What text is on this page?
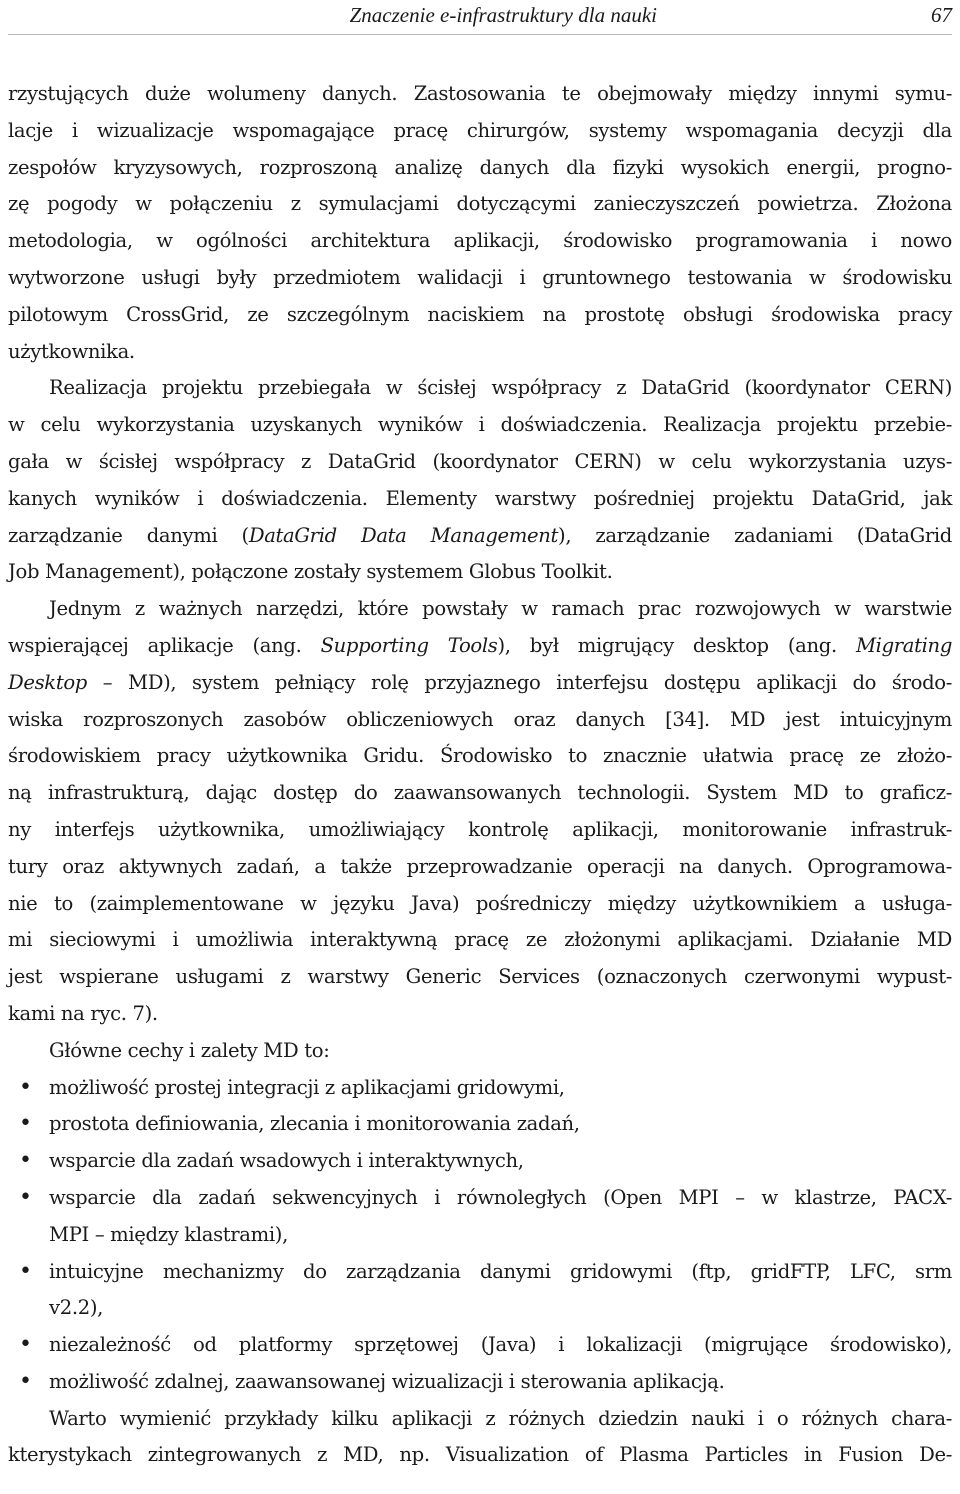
Znaczenie e-infrastruktury dla nauki	67
rzystujących duże wolumeny danych. Zastosowania te obejmowały między innymi symu-
lacje i wizualizacje wspomagające pracę chirurgów, systemy wspomagania decyzji dla
zespołów kryzysowych, rozproszoną analizę danych dla fizyki wysokich energii, progno-
zę pogody w połączeniu z symulacjami dotyczącymi zanieczyszczeń powietrza. Złożona
metodologia, w ogólności architektura aplikacji, środowisko programowania i nowo
wytworzone usługi były przedmiotem walidacji i gruntownego testowania w środowisku
pilotowym CrossGrid, ze szczególnym naciskiem na prostotę obsługi środowiska pracy
użytkownika.
Realizacja projektu przebiegała w ścisłej współpracy z DataGrid (koordynator CERN)
w celu wykorzystania uzyskanych wyników i doświadczenia. Realizacja projektu przebie-
gała w ścisłej współpracy z DataGrid (koordynator CERN) w celu wykorzystania uzys-
kanych wyników i doświadczenia. Elementy warstwy pośredniej projektu DataGrid, jak
zarządzanie danymi (DataGrid Data Management), zarządzanie zadaniami (DataGrid
Job Management), połączone zostały systemem Globus Toolkit.
Jednym z ważnych narzędzi, które powstały w ramach prac rozwojowych w warstwie
wspierającej aplikacje (ang. Supporting Tools), był migrujący desktop (ang. Migrating
Desktop – MD), system pełniący rolę przyjaznego interfejsu dostępu aplikacji do środo-
wiska rozproszonych zasobów obliczeniowych oraz danych [34]. MD jest intuicyjnym
środowiskiem pracy użytkownika Gridu. Środowisko to znacznie ułatwia pracę ze złożo-
ną infrastrukturą, dając dostęp do zaawansowanych technologii. System MD to graficz-
ny interfejs użytkownika, umożliwiający kontrolę aplikacji, monitorowanie infrastruk-
tury oraz aktywnych zadań, a także przeprowadzanie operacji na danych. Oprogramowa-
nie to (zaimplementowane w języku Java) pośredniczy między użytkownikiem a usługa-
mi sieciowymi i umożliwia interaktywną pracę ze złożonymi aplikacjami. Działanie MD
jest wspierane usługami z warstwy Generic Services (oznaczonych czerwonymi wypust-
kami na ryc. 7).
Główne cechy i zalety MD to:
• możliwość prostej integracji z aplikacjami gridowymi,
• prostota definiowania, zlecania i monitorowania zadań,
• wsparcie dla zadań wsadowych i interaktywnych,
• wsparcie dla zadań sekwencyjnych i równoległych (Open MPI – w klastrze, PACX-
MPI – między klastrami),
• intuicyjne mechanizmy do zarządzania danymi gridowymi (ftp, gridFTP, LFC, srm
v2.2),
• niezależność od platformy sprzętowej (Java) i lokalizacji (migrujące środowisko),
• możliwość zdalnej, zaawansowanej wizualizacji i sterowania aplikacją.
Warto wymienić przykłady kilku aplikacji z różnych dziedzin nauki i o różnych chara-
kterystykach zintegrowanych z MD, np. Visualization of Plasma Particles in Fusion De-
